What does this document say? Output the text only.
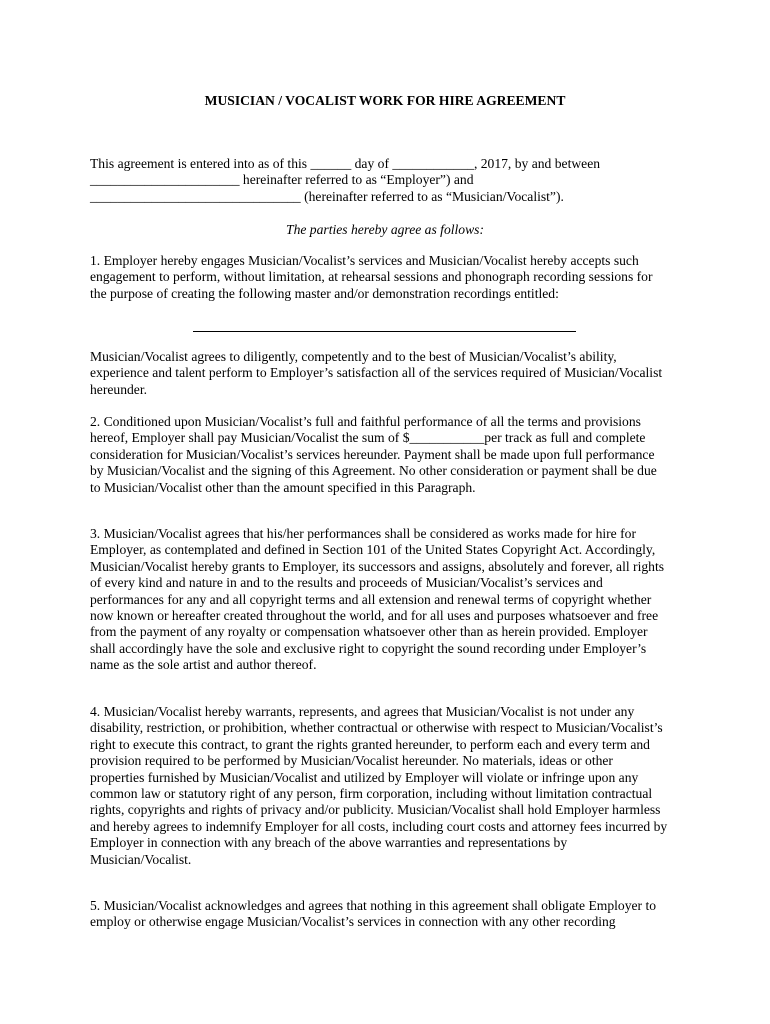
MUSICIAN / VOCALIST WORK FOR HIRE AGREEMENT

This agreement is entered into as of this ______ day of ____________, 2017, by and between
______________________ hereinafter referred to as “Employer”) and
_______________________________ (hereinafter referred to as “Musician/Vocalist”).

The parties hereby agree as follows:

1. Employer hereby engages Musician/Vocalist’s services and Musician/Vocalist hereby accepts such
engagement to perform, without limitation, at rehearsal sessions and phonograph recording sessions for
the purpose of creating the following master and/or demonstration recordings entitled:

Musician/Vocalist agrees to diligently, competently and to the best of Musician/Vocalist’s ability,
experience and talent perform to Employer’s satisfaction all of the services required of Musician/Vocalist
hereunder.

2. Conditioned upon Musician/Vocalist’s full and faithful performance of all the terms and provisions
hereof, Employer shall pay Musician/Vocalist the sum of $___________per track as full and complete
consideration for Musician/Vocalist’s services hereunder. Payment shall be made upon full performance
by Musician/Vocalist and the signing of this Agreement. No other consideration or payment shall be due
to Musician/Vocalist other than the amount specified in this Paragraph.

3. Musician/Vocalist agrees that his/her performances shall be considered as works made for hire for
Employer, as contemplated and defined in Section 101 of the United States Copyright Act. Accordingly,
Musician/Vocalist hereby grants to Employer, its successors and assigns, absolutely and forever, all rights
of every kind and nature in and to the results and proceeds of Musician/Vocalist’s services and
performances for any and all copyright terms and all extension and renewal terms of copyright whether
now known or hereafter created throughout the world, and for all uses and purposes whatsoever and free
from the payment of any royalty or compensation whatsoever other than as herein provided. Employer
shall accordingly have the sole and exclusive right to copyright the sound recording under Employer’s
name as the sole artist and author thereof.

4. Musician/Vocalist hereby warrants, represents, and agrees that Musician/Vocalist is not under any
disability, restriction, or prohibition, whether contractual or otherwise with respect to Musician/Vocalist’s
right to execute this contract, to grant the rights granted hereunder, to perform each and every term and
provision required to be performed by Musician/Vocalist hereunder. No materials, ideas or other
properties furnished by Musician/Vocalist and utilized by Employer will violate or infringe upon any
common law or statutory right of any person, firm corporation, including without limitation contractual
rights, copyrights and rights of privacy and/or publicity. Musician/Vocalist shall hold Employer harmless
and hereby agrees to indemnify Employer for all costs, including court costs and attorney fees incurred by
Employer in connection with any breach of the above warranties and representations by
Musician/Vocalist.

5. Musician/Vocalist acknowledges and agrees that nothing in this agreement shall obligate Employer to
employ or otherwise engage Musician/Vocalist’s services in connection with any other recording
